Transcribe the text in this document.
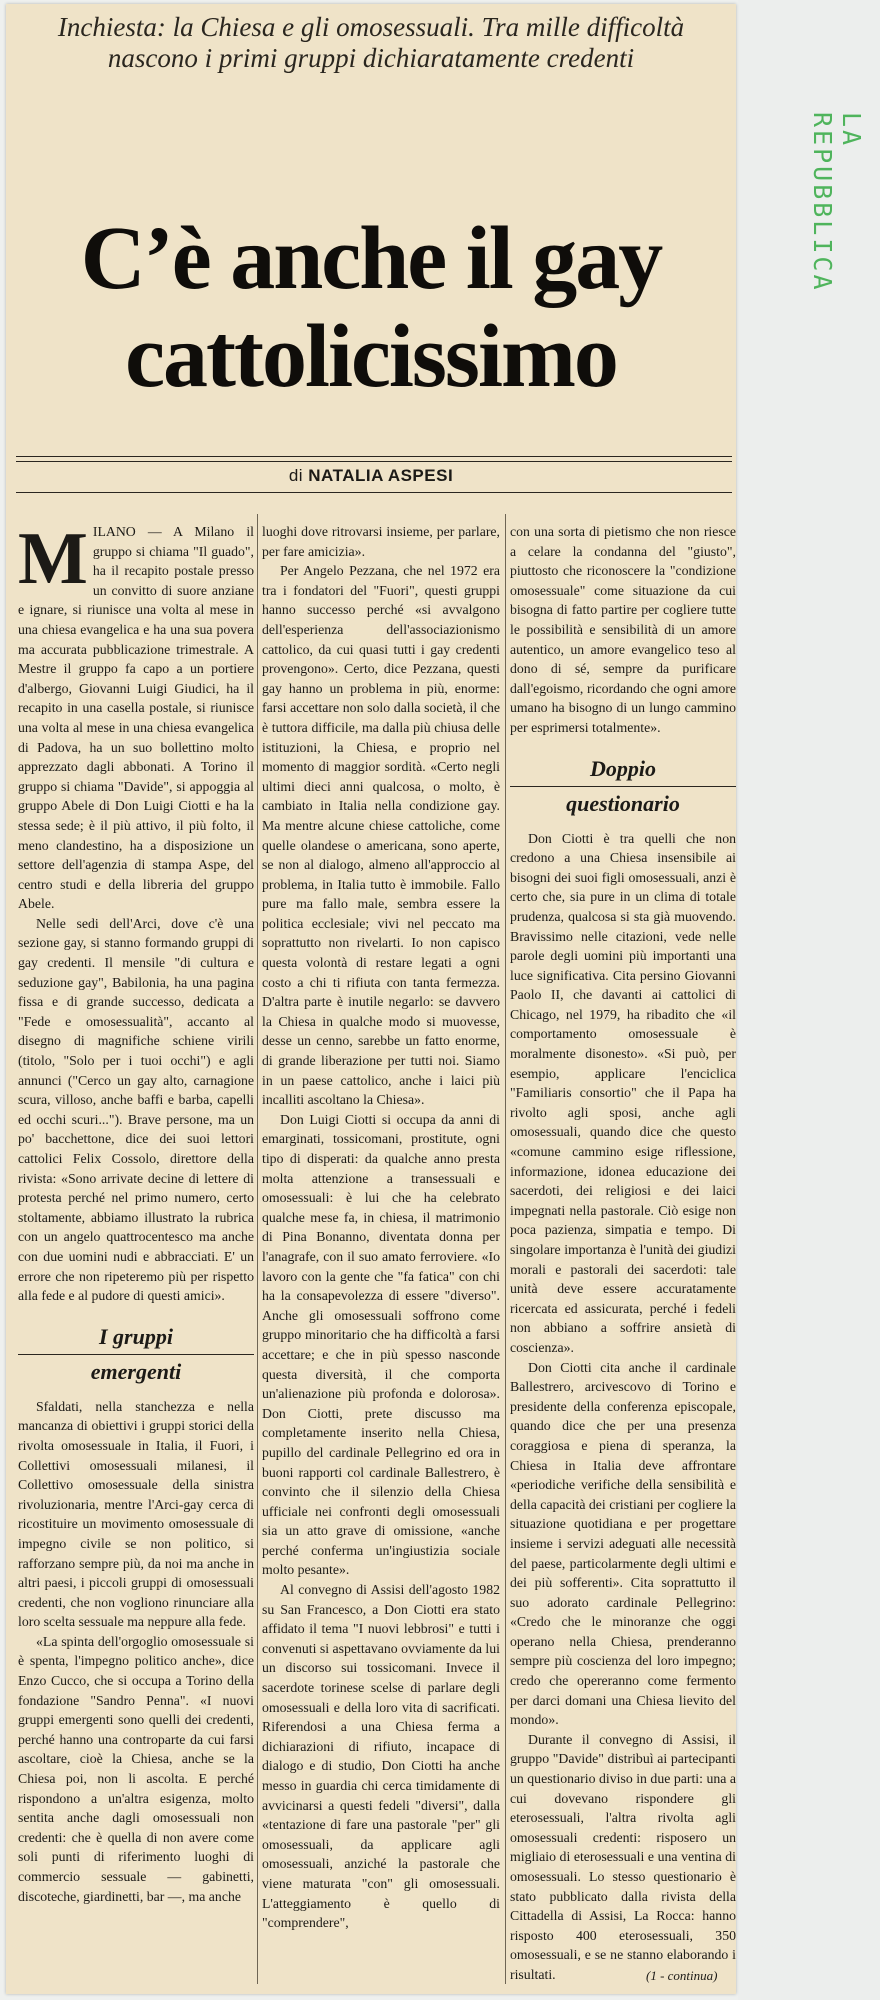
LA
REPUBBLICA
Inchiesta: la Chiesa e gli omosessuali. Tra mille difficoltà
nascono i primi gruppi dichiaratamente credenti
C’è anche il gay
cattolicissimo
di NATALIA ASPESI

MILANO — A Milano il gruppo si chiama "Il guado", ha il recapito postale presso un convitto di suore anziane e ignare, si riunisce una volta al mese in una chiesa evangelica e ha una sua povera ma accurata pubblicazione trimestrale. A Mestre il gruppo fa capo a un portiere d'albergo, Giovanni Luigi Giudici, ha il recapito in una casella postale, si riunisce una volta al mese in una chiesa evangelica di Padova, ha un suo bollettino molto apprezzato dagli abbonati. A Torino il gruppo si chiama "Davide", si appoggia al gruppo Abele di Don Luigi Ciotti e ha la stessa sede; è il più attivo, il più folto, il meno clandestino, ha a disposizione un settore dell'agenzia di stampa Aspe, del centro studi e della libreria del gruppo Abele.

Nelle sedi dell'Arci, dove c'è una sezione gay, si stanno formando gruppi di gay credenti. Il mensile "di cultura e seduzione gay", Babilonia, ha una pagina fissa e di grande successo, dedicata a "Fede e omosessualità", accanto al disegno di magnifiche schiene virili (titolo, "Solo per i tuoi occhi") e agli annunci ("Cerco un gay alto, carnagione scura, villoso, anche baffi e barba, capelli ed occhi scuri..."). Brave persone, ma un po' bacchettone, dice dei suoi lettori cattolici Felix Cossolo, direttore della rivista: «Sono arrivate decine di lettere di protesta perché nel primo numero, certo stoltamente, abbiamo illustrato la rubrica con un angelo quattrocentesco ma anche con due uomini nudi e abbracciati. E' un errore che non ripeteremo più per rispetto alla fede e al pudore di questi amici».

I gruppi
emergenti

Sfaldati, nella stanchezza e nella mancanza di obiettivi i gruppi storici della rivolta omosessuale in Italia, il Fuori, i Collettivi omosessuali milanesi, il Collettivo omosessuale della sinistra rivoluzionaria, mentre l'Arci-gay cerca di ricostituire un movimento omosessuale di impegno civile se non politico, si rafforzano sempre più, da noi ma anche in altri paesi, i piccoli gruppi di omosessuali credenti, che non vogliono rinunciare alla loro scelta sessuale ma neppure alla fede.

«La spinta dell'orgoglio omosessuale si è spenta, l'impegno politico anche», dice Enzo Cucco, che si occupa a Torino della fondazione "Sandro Penna". «I nuovi gruppi emergenti sono quelli dei credenti, perché hanno una controparte da cui farsi ascoltare, cioè la Chiesa, anche se la Chiesa poi, non li ascolta. E perché rispondono a un'altra esigenza, molto sentita anche dagli omosessuali non credenti: che è quella di non avere come soli punti di riferimento luoghi di commercio sessuale — gabinetti, discoteche, giardinetti, bar —, ma anche

luoghi dove ritrovarsi insieme, per parlare, per fare amicizia».

Per Angelo Pezzana, che nel 1972 era tra i fondatori del "Fuori", questi gruppi hanno successo perché «si avvalgono dell'esperienza dell'associazionismo cattolico, da cui quasi tutti i gay credenti provengono». Certo, dice Pezzana, questi gay hanno un problema in più, enorme: farsi accettare non solo dalla società, il che è tuttora difficile, ma dalla più chiusa delle istituzioni, la Chiesa, e proprio nel momento di maggior sordità. «Certo negli ultimi dieci anni qualcosa, o molto, è cambiato in Italia nella condizione gay. Ma mentre alcune chiese cattoliche, come quelle olandese o americana, sono aperte, se non al dialogo, almeno all'approccio al problema, in Italia tutto è immobile. Fallo pure ma fallo male, sembra essere la politica ecclesiale; vivi nel peccato ma soprattutto non rivelarti. Io non capisco questa volontà di restare legati a ogni costo a chi ti rifiuta con tanta fermezza. D'altra parte è inutile negarlo: se davvero la Chiesa in qualche modo si muovesse, desse un cenno, sarebbe un fatto enorme, di grande liberazione per tutti noi. Siamo in un paese cattolico, anche i laici più incalliti ascoltano la Chiesa».

Don Luigi Ciotti si occupa da anni di emarginati, tossicomani, prostitute, ogni tipo di disperati: da qualche anno presta molta attenzione a transessuali e omosessuali: è lui che ha celebrato qualche mese fa, in chiesa, il matrimonio di Pina Bonanno, diventata donna per l'anagrafe, con il suo amato ferroviere. «Io lavoro con la gente che "fa fatica" con chi ha la consapevolezza di essere "diverso". Anche gli omosessuali soffrono come gruppo minoritario che ha difficoltà a farsi accettare; e che in più spesso nasconde questa diversità, il che comporta un'alienazione più profonda e dolorosa». Don Ciotti, prete discusso ma completamente inserito nella Chiesa, pupillo del cardinale Pellegrino ed ora in buoni rapporti col cardinale Ballestrero, è convinto che il silenzio della Chiesa ufficiale nei confronti degli omosessuali sia un atto grave di omissione, «anche perché conferma un'ingiustizia sociale molto pesante».

Al convegno di Assisi dell'agosto 1982 su San Francesco, a Don Ciotti era stato affidato il tema "I nuovi lebbrosi" e tutti i convenuti si aspettavano ovviamente da lui un discorso sui tossicomani. Invece il sacerdote torinese scelse di parlare degli omosessuali e della loro vita di sacrificati. Riferendosi a una Chiesa ferma a dichiarazioni di rifiuto, incapace di dialogo e di studio, Don Ciotti ha anche messo in guardia chi cerca timidamente di avvicinarsi a questi fedeli "diversi", dalla «tentazione di fare una pastorale "per" gli omosessuali, da applicare agli omosessuali, anziché la pastorale che viene maturata "con" gli omosessuali. L'atteggiamento è quello di "comprendere",

con una sorta di pietismo che non riesce a celare la condanna del "giusto", piuttosto che riconoscere la "condizione omosessuale" come situazione da cui bisogna di fatto partire per cogliere tutte le possibilità e sensibilità di un amore autentico, un amore evangelico teso al dono di sé, sempre da purificare dall'egoismo, ricordando che ogni amore umano ha bisogno di un lungo cammino per esprimersi totalmente».

Doppio
questionario

Don Ciotti è tra quelli che non credono a una Chiesa insensibile ai bisogni dei suoi figli omosessuali, anzi è certo che, sia pure in un clima di totale prudenza, qualcosa si sta già muovendo. Bravissimo nelle citazioni, vede nelle parole degli uomini più importanti una luce significativa. Cita persino Giovanni Paolo II, che davanti ai cattolici di Chicago, nel 1979, ha ribadito che «il comportamento omosessuale è moralmente disonesto». «Si può, per esempio, applicare l'enciclica "Familiaris consortio" che il Papa ha rivolto agli sposi, anche agli omosessuali, quando dice che questo «comune cammino esige riflessione, informazione, idonea educazione dei sacerdoti, dei religiosi e dei laici impegnati nella pastorale. Ciò esige non poca pazienza, simpatia e tempo. Di singolare importanza è l'unità dei giudizi morali e pastorali dei sacerdoti: tale unità deve essere accuratamente ricercata ed assicurata, perché i fedeli non abbiano a soffrire ansietà di coscienza».

Don Ciotti cita anche il cardinale Ballestrero, arcivescovo di Torino e presidente della conferenza episcopale, quando dice che per una presenza coraggiosa e piena di speranza, la Chiesa in Italia deve affrontare «periodiche verifiche della sensibilità e della capacità dei cristiani per cogliere la situazione quotidiana e per progettare insieme i servizi adeguati alle necessità del paese, particolarmente degli ultimi e dei più sofferenti». Cita soprattutto il suo adorato cardinale Pellegrino: «Credo che le minoranze che oggi operano nella Chiesa, prenderanno sempre più coscienza del loro impegno; credo che opereranno come fermento per darci domani una Chiesa lievito del mondo».

Durante il convegno di Assisi, il gruppo "Davide" distribuì ai partecipanti un questionario diviso in due parti: una a cui dovevano rispondere gli eterosessuali, l'altra rivolta agli omosessuali credenti: risposero un migliaio di eterosessuali e una ventina di omosessuali. Lo stesso questionario è stato pubblicato dalla rivista della Cittadella di Assisi, La Rocca: hanno risposto 400 eterosessuali, 350 omosessuali, e se ne stanno elaborando i risultati.	(1 - continua)
